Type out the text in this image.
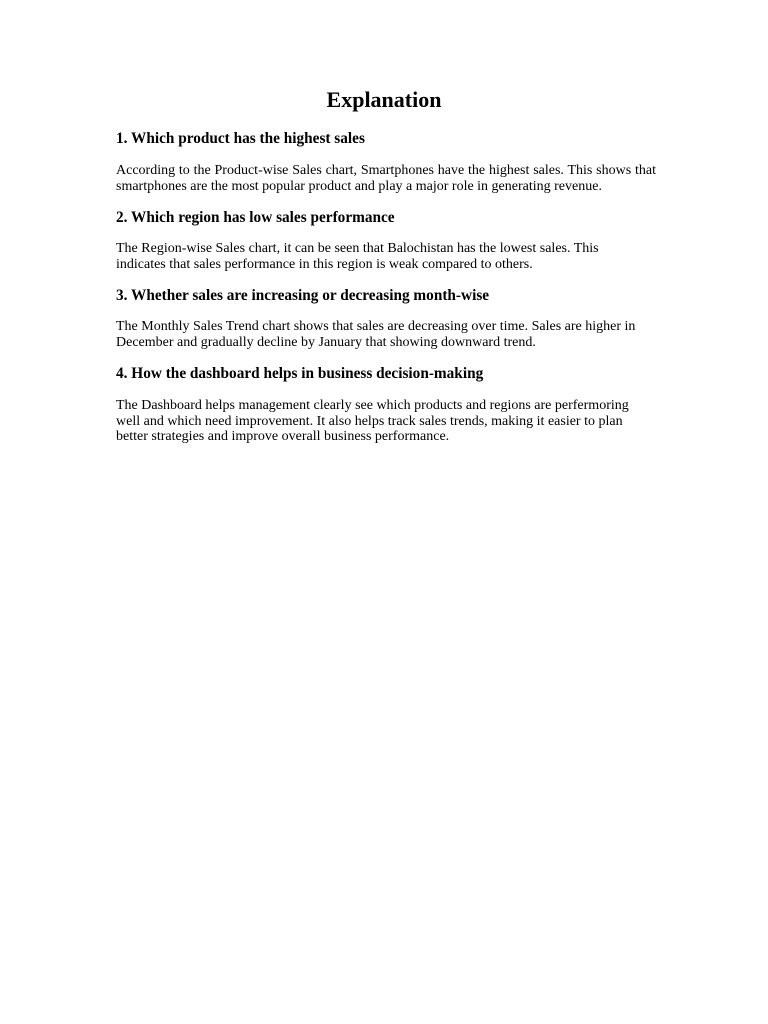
Explanation
1. Which product has the highest sales

According to the Product-wise Sales chart, Smartphones have the highest sales. This shows that smartphones are the most popular product and play a major role in generating revenue.

2. Which region has low sales performance

The Region-wise Sales chart, it can be seen that Balochistan has the lowest sales. This indicates that sales performance in this region is weak compared to others.

3. Whether sales are increasing or decreasing month-wise

The Monthly Sales Trend chart shows that sales are decreasing over time. Sales are higher in December and gradually decline by January that showing downward trend.

4. How the dashboard helps in business decision-making

The Dashboard helps management clearly see which products and regions are perfermoring well and which need improvement. It also helps track sales trends, making it easier to plan better strategies and improve overall business performance.
